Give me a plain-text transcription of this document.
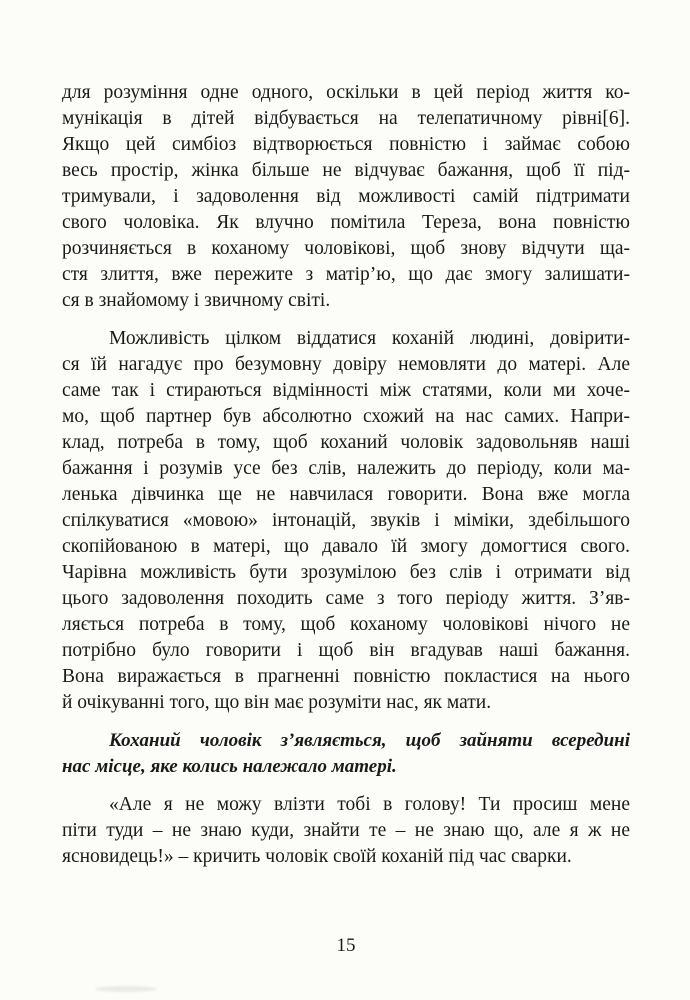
для розуміння одне одного, оскільки в цей період життя ко-
мунікація в дітей відбувається на телепатичному рівні[6].
Якщо цей симбіоз відтворюється повністю і займає собою
весь простір, жінка більше не відчуває бажання, щоб її під-
тримували, і задоволення від можливості самій підтримати
свого чоловіка. Як влучно помітила Тереза, вона повністю
розчиняється в коханому чоловікові, щоб знову відчути ща-
стя злиття, вже пережите з матір’ю, що дає змогу залишати-
ся в знайомому і звичному світі.
Можливість цілком віддатися коханій людині, довірити-
ся їй нагадує про безумовну довіру немовляти до матері. Але
саме так і стираються відмінності між статями, коли ми хоче-
мо, щоб партнер був абсолютно схожий на нас самих. Напри-
клад, потреба в тому, щоб коханий чоловік задовольняв наші
бажання і розумів усе без слів, належить до періоду, коли ма-
ленька дівчинка ще не навчилася говорити. Вона вже могла
спілкуватися «мовою» інтонацій, звуків і міміки, здебільшого
скопійованою в матері, що давало їй змогу домогтися свого.
Чарівна можливість бути зрозумілою без слів і отримати від
цього задоволення походить саме з того періоду життя. З’яв-
ляється потреба в тому, щоб коханому чоловікові нічого не
потрібно було говорити і щоб він вгадував наші бажання.
Вона виражається в прагненні повністю покластися на нього
й очікуванні того, що він має розуміти нас, як мати.
Коханий чоловік з’являється, щоб зайняти всередині
нас місце, яке колись належало матері.
«Але я не можу влізти тобі в голову! Ти просиш мене
піти туди – не знаю куди, знайти те – не знаю що, але я ж не
ясновидець!» – кричить чоловік своїй коханій під час сварки.
15
